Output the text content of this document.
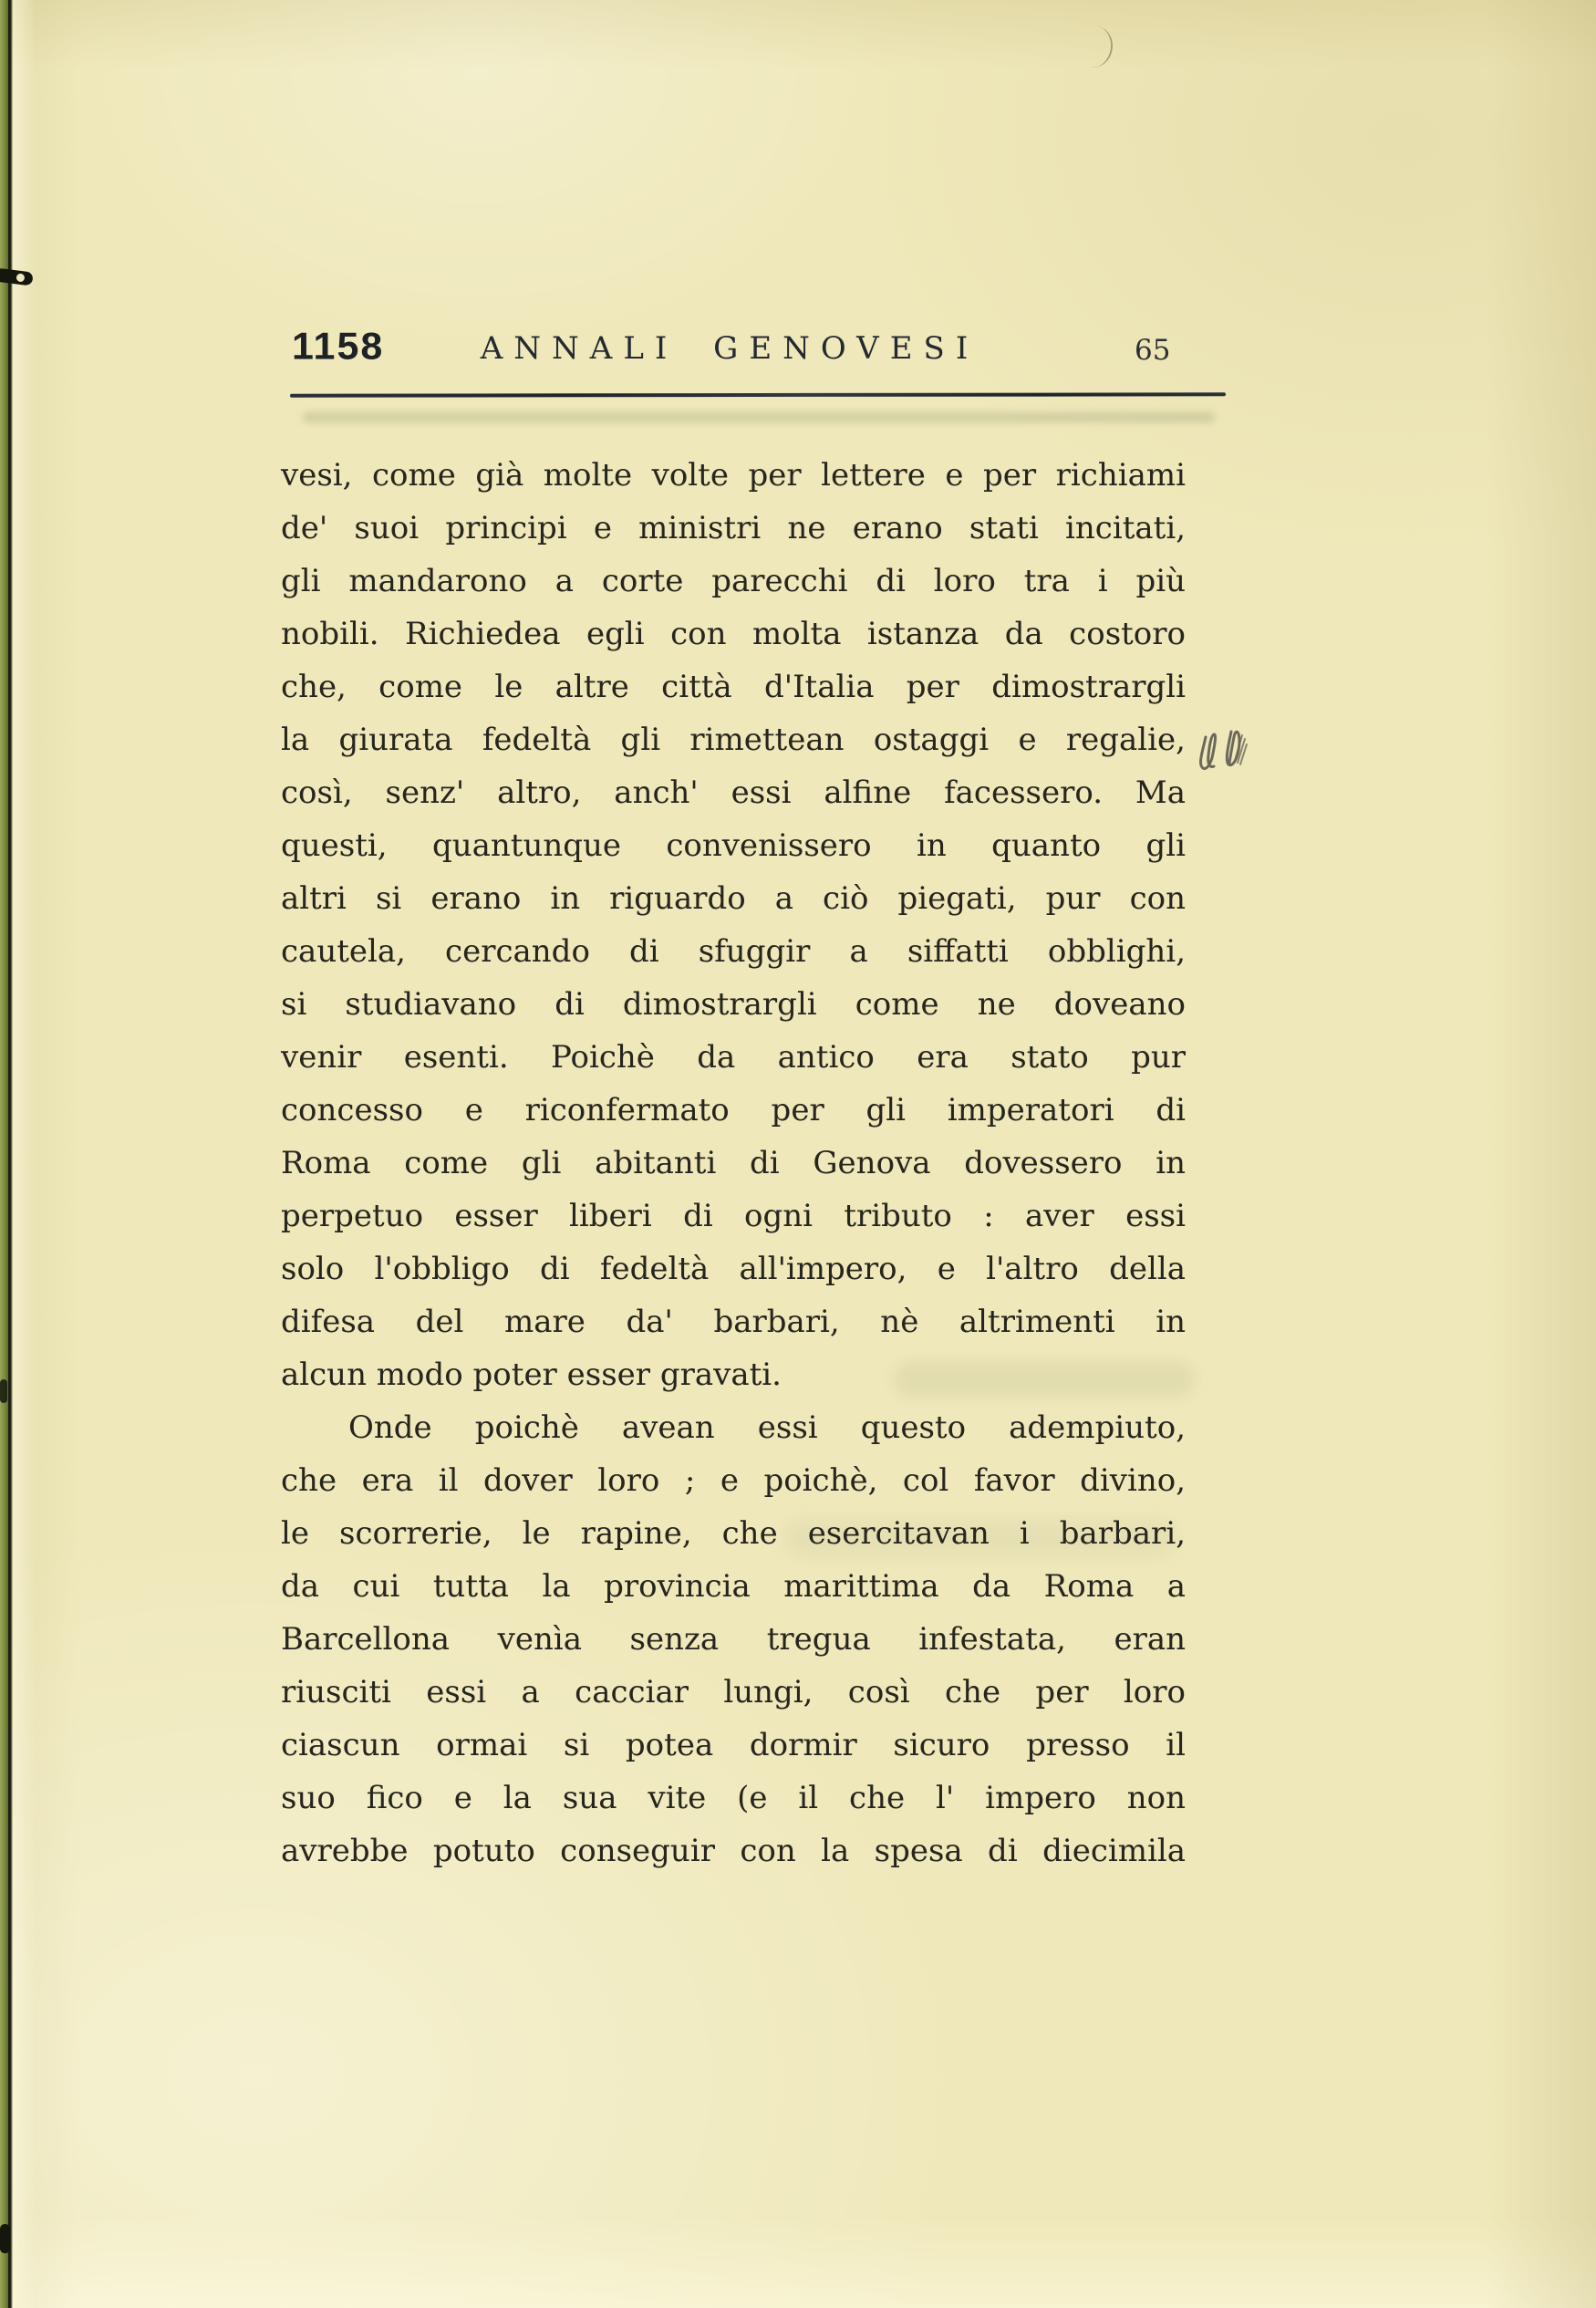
1158	ANNALI GENOVESI	65
vesi, come già molte volte per lettere e per richiami
de' suoi principi e ministri ne erano stati incitati,
gli mandarono a corte parecchi di loro tra i più
nobili. Richiedea egli con molta istanza da costoro
che, come le altre città d'Italia per dimostrargli
la giurata fedeltà gli rimettean ostaggi e regalie,
così, senz' altro, anch' essi alfine facessero. Ma
questi, quantunque convenissero in quanto gli
altri si erano in riguardo a ciò piegati, pur con
cautela, cercando di sfuggir a siffatti obblighi,
si studiavano di dimostrargli come ne doveano
venir esenti. Poichè da antico era stato pur
concesso e riconfermato per gli imperatori di
Roma come gli abitanti di Genova dovessero in
perpetuo esser liberi di ogni tributo : aver essi
solo l'obbligo di fedeltà all'impero, e l'altro della
difesa del mare da' barbari, nè altrimenti in
alcun modo poter esser gravati.
Onde poichè avean essi questo adempiuto,
che era il dover loro ; e poichè, col favor divino,
le scorrerie, le rapine, che esercitavan i barbari,
da cui tutta la provincia marittima da Roma a
Barcellona venìa senza tregua infestata, eran
riusciti essi a cacciar lungi, così che per loro
ciascun ormai si potea dormir sicuro presso il
suo fico e la sua vite (e il che l' impero non
avrebbe potuto conseguir con la spesa di diecimila
